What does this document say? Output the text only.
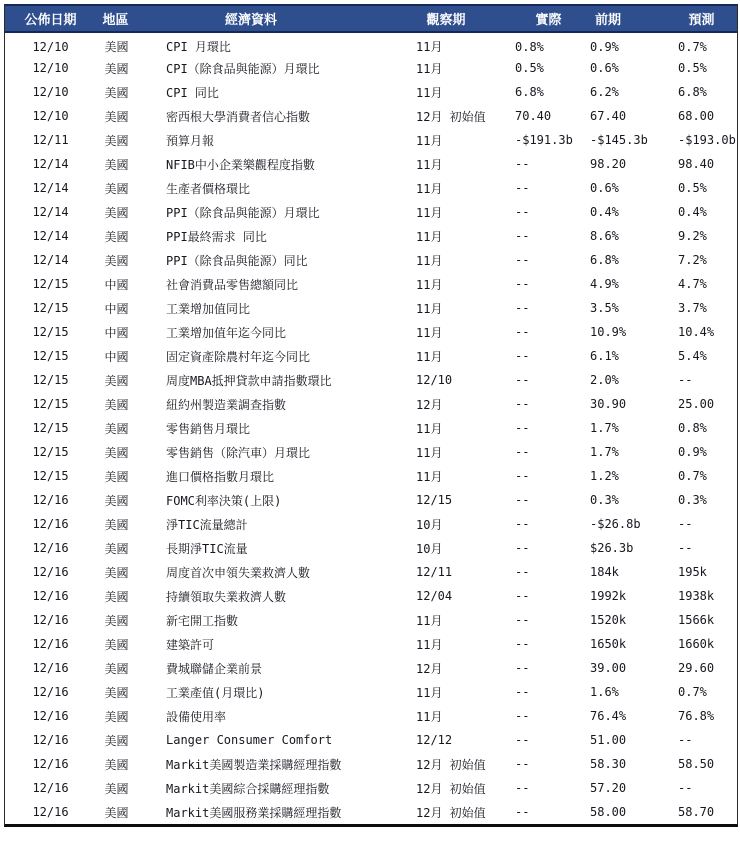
公佈日期	地區	經濟資料	觀察期	實際	前期	預測
12/10	美國	CPI 月環比	11月	0.8%	0.9%	0.7%
12/10	美國	CPI（除食品與能源）月環比	11月	0.5%	0.6%	0.5%
12/10	美國	CPI 同比	11月	6.8%	6.2%	6.8%
12/10	美國	密西根大學消費者信心指數	12月 初始值	70.40	67.40	68.00
12/11	美國	預算月報	11月	-$191.3b	-$145.3b	-$193.0b
12/14	美國	NFIB中小企業樂觀程度指數	11月	--	98.20	98.40
12/14	美國	生產者價格環比	11月	--	0.6%	0.5%
12/14	美國	PPI（除食品與能源）月環比	11月	--	0.4%	0.4%
12/14	美國	PPI最終需求 同比	11月	--	8.6%	9.2%
12/14	美國	PPI（除食品與能源）同比	11月	--	6.8%	7.2%
12/15	中國	社會消費品零售總額同比	11月	--	4.9%	4.7%
12/15	中國	工業增加值同比	11月	--	3.5%	3.7%
12/15	中國	工業增加值年迄今同比	11月	--	10.9%	10.4%
12/15	中國	固定資產除農村年迄今同比	11月	--	6.1%	5.4%
12/15	美國	周度MBA抵押貸款申請指數環比	12/10	--	2.0%	--
12/15	美國	紐約州製造業調查指數	12月	--	30.90	25.00
12/15	美國	零售銷售月環比	11月	--	1.7%	0.8%
12/15	美國	零售銷售（除汽車）月環比	11月	--	1.7%	0.9%
12/15	美國	進口價格指數月環比	11月	--	1.2%	0.7%
12/16	美國	FOMC利率決策(上限)	12/15	--	0.3%	0.3%
12/16	美國	淨TIC流量總計	10月	--	-$26.8b	--
12/16	美國	長期淨TIC流量	10月	--	$26.3b	--
12/16	美國	周度首次申領失業救濟人數	12/11	--	184k	195k
12/16	美國	持續領取失業救濟人數	12/04	--	1992k	1938k
12/16	美國	新宅開工指數	11月	--	1520k	1566k
12/16	美國	建築許可	11月	--	1650k	1660k
12/16	美國	費城聯儲企業前景	12月	--	39.00	29.60
12/16	美國	工業產值(月環比)	11月	--	1.6%	0.7%
12/16	美國	設備使用率	11月	--	76.4%	76.8%
12/16	美國	Langer Consumer Comfort	12/12	--	51.00	--
12/16	美國	Markit美國製造業採購經理指數	12月 初始值	--	58.30	58.50
12/16	美國	Markit美國綜合採購經理指數	12月 初始值	--	57.20	--
12/16	美國	Markit美國服務業採購經理指數	12月 初始值	--	58.00	58.70
